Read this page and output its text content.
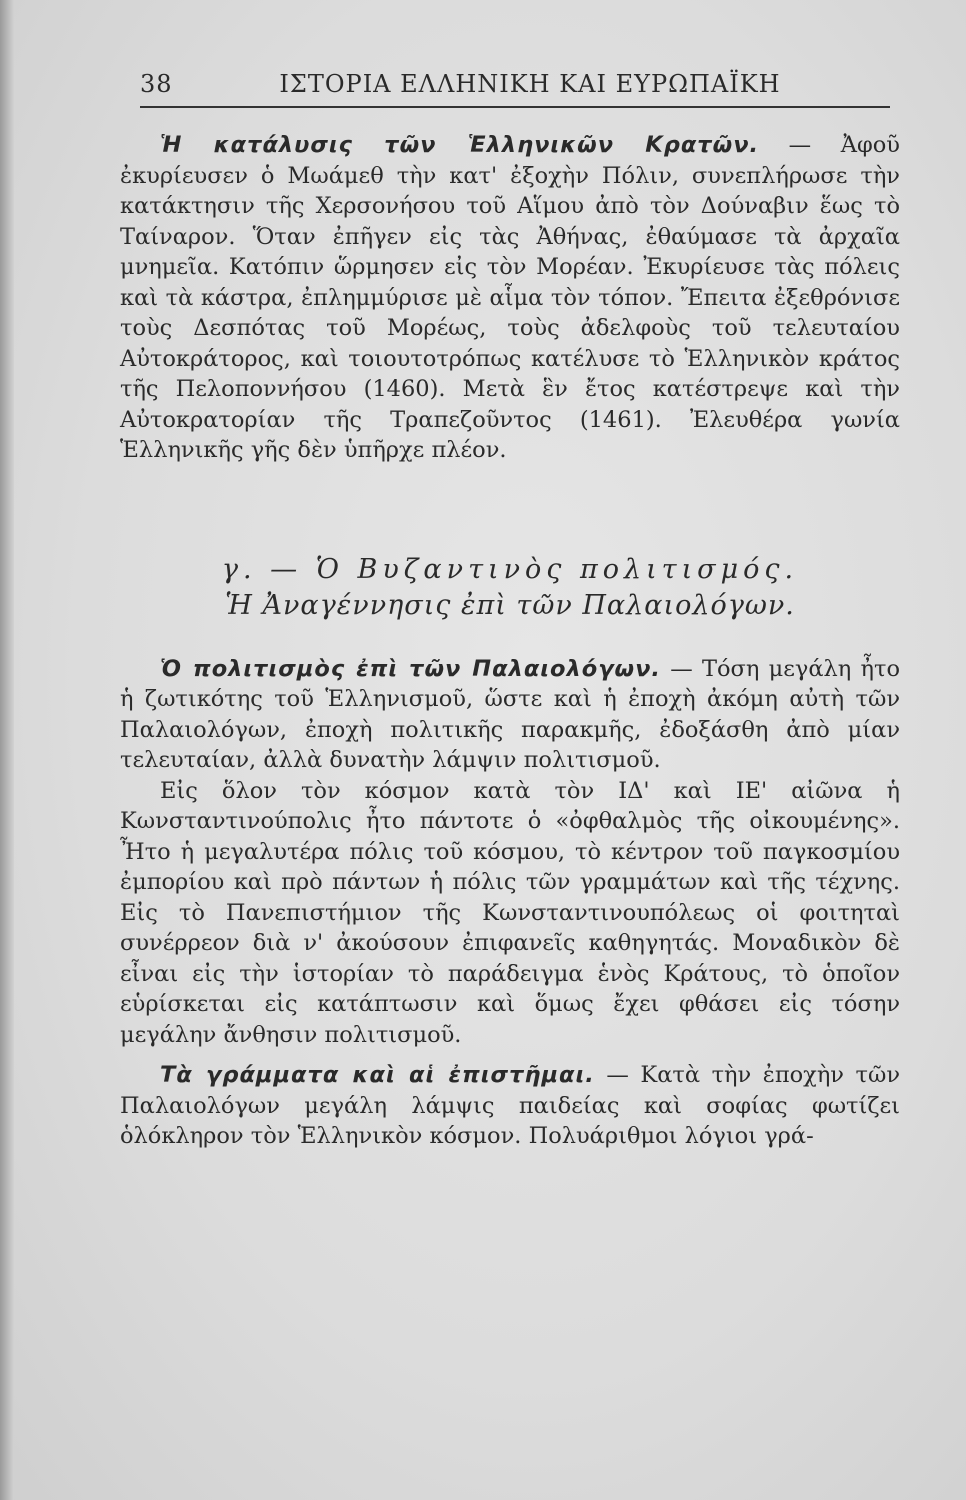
38	ΙΣΤΟΡΙΑ ΕΛΛΗΝΙΚΗ ΚΑΙ ΕΥΡΩΠΑΪΚΗ

Ἡ κατάλυσις τῶν Ἑλληνικῶν Κρατῶν. — Ἀφοῦ ἐκυρίευσεν ὁ Μωάμεθ τὴν κατ' ἐξοχὴν Πόλιν, συνεπλήρωσε τὴν κατάκτησιν τῆς Χερσονήσου τοῦ Αἵμου ἀπὸ τὸν Δούναβιν ἕως τὸ Ταίναρον. Ὅταν ἐπῆγεν εἰς τὰς Ἀθήνας, ἐθαύμασε τὰ ἀρχαῖα μνημεῖα. Κατόπιν ὥρμησεν εἰς τὸν Μορέαν. Ἐκυρίευσε τὰς πόλεις καὶ τὰ κάστρα, ἐπλημμύρισε μὲ αἷμα τὸν τόπον. Ἔπειτα ἐξεθρόνισε τοὺς Δεσπότας τοῦ Μορέως, τοὺς ἀδελφοὺς τοῦ τελευταίου Αὐτοκράτορος, καὶ τοιουτοτρόπως κατέλυσε τὸ Ἑλληνικὸν κράτος τῆς Πελοποννήσου (1460). Μετὰ ἓν ἔτος κατέστρεψε καὶ τὴν Αὐτοκρατορίαν τῆς Τραπεζοῦντος (1461). Ἐλευθέρα γωνία Ἑλληνικῆς γῆς δὲν ὑπῆρχε πλέον.

γ. — Ὁ Βυζαντινὸς πολιτισμός.
Ἡ Ἀναγέννησις ἐπὶ τῶν Παλαιολόγων.

Ὁ πολιτισμὸς ἐπὶ τῶν Παλαιολόγων. — Τόση μεγάλη ἦτο ἡ ζωτικότης τοῦ Ἑλληνισμοῦ, ὥστε καὶ ἡ ἐποχὴ ἀκόμη αὐτὴ τῶν Παλαιολόγων, ἐποχὴ πολιτικῆς παρακμῆς, ἐδοξάσθη ἀπὸ μίαν τελευταίαν, ἀλλὰ δυνατὴν λάμψιν πολιτισμοῦ.

Εἰς ὅλον τὸν κόσμον κατὰ τὸν ΙΔ' καὶ ΙΕ' αἰῶνα ἡ Κωνσταντινούπολις ἦτο πάντοτε ὁ «ὀφθαλμὸς τῆς οἰκουμένης». Ἦτο ἡ μεγαλυτέρα πόλις τοῦ κόσμου, τὸ κέντρον τοῦ παγκοσμίου ἐμπορίου καὶ πρὸ πάντων ἡ πόλις τῶν γραμμάτων καὶ τῆς τέχνης. Εἰς τὸ Πανεπιστήμιον τῆς Κωνσταντινουπόλεως οἱ φοιτηταὶ συνέρρεον διὰ ν' ἀκούσουν ἐπιφανεῖς καθηγητάς. Μοναδικὸν δὲ εἶναι εἰς τὴν ἱστορίαν τὸ παράδειγμα ἑνὸς Κράτους, τὸ ὁποῖον εὑρίσκεται εἰς κατάπτωσιν καὶ ὅμως ἔχει φθάσει εἰς τόσην μεγάλην ἄνθησιν πολιτισμοῦ.

Τὰ γράμματα καὶ αἱ ἐπιστῆμαι. — Κατὰ τὴν ἐποχὴν τῶν Παλαιολόγων μεγάλη λάμψις παιδείας καὶ σοφίας φωτίζει ὁλόκληρον τὸν Ἑλληνικὸν κόσμον. Πολυάριθμοι λόγιοι γρά-
